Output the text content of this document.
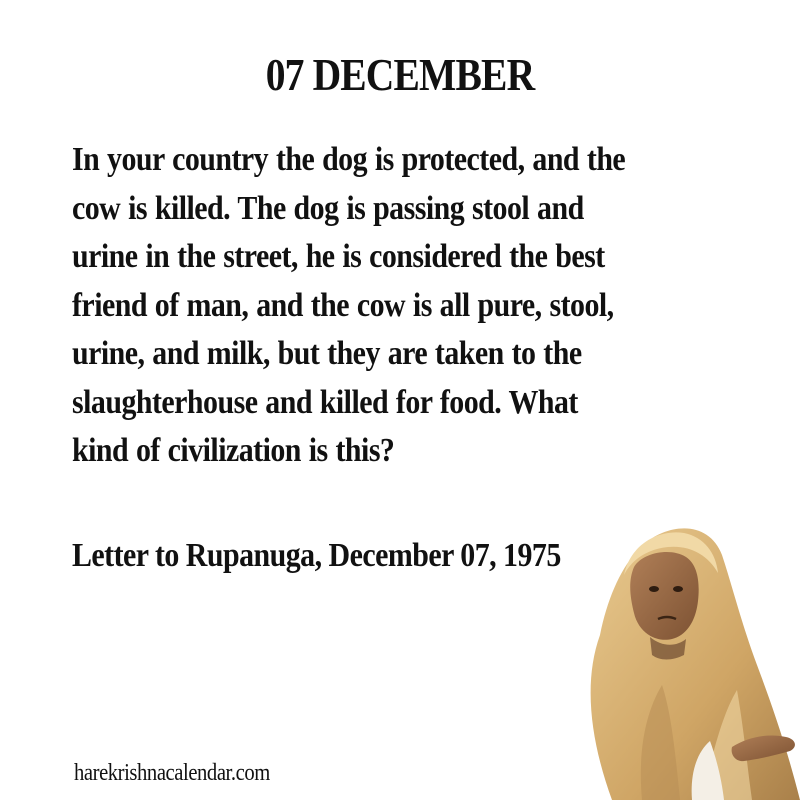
07 DECEMBER

In your country the dog is protected, and the
cow is killed. The dog is passing stool and
urine in the street, he is considered the best
friend of man, and the cow is all pure, stool,
urine, and milk, but they are taken to the
slaughterhouse and killed for food. What
kind of civilization is this?

Letter to Rupanuga, December 07, 1975

harekrishnacalendar.com
